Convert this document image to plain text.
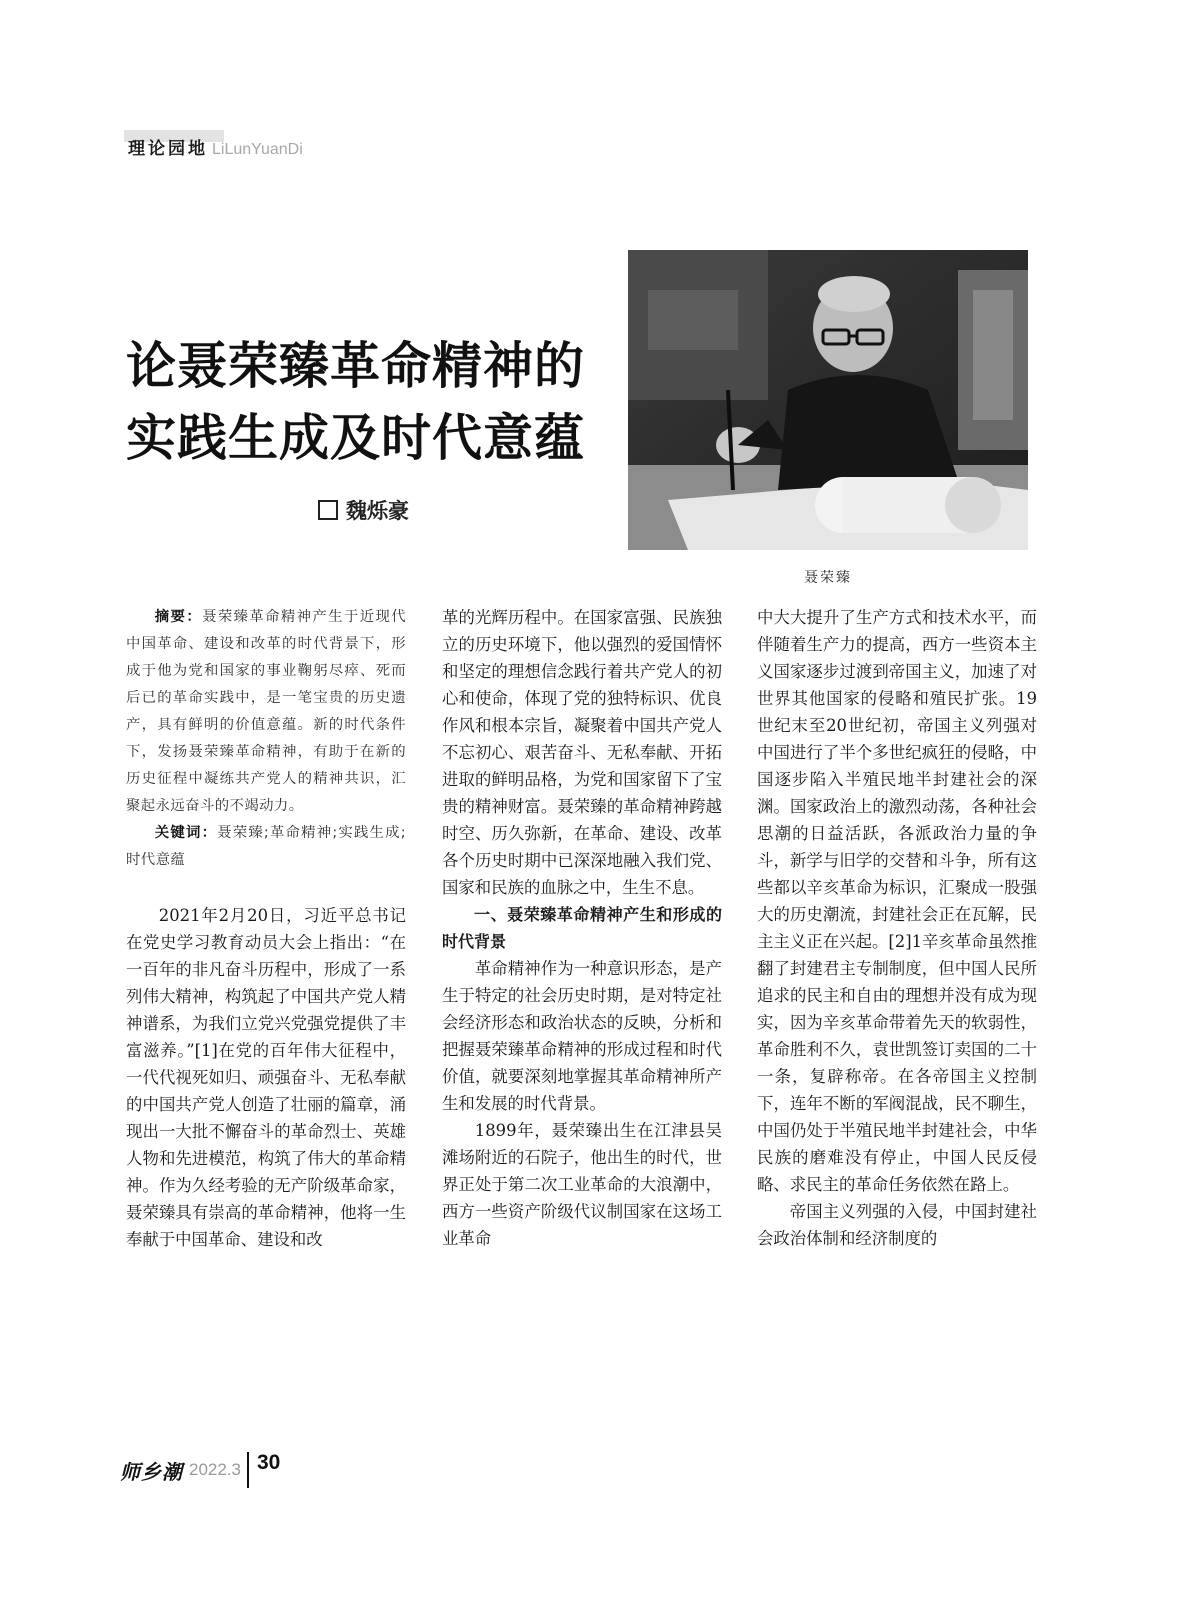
理论园地 LiLunYuanDi
论聂荣臻革命精神的
实践生成及时代意蕴
魏烁豪
聂荣臻

摘要：聂荣臻革命精神产生于近现代中国革命、建设和改革的时代背景下，形成于他为党和国家的事业鞠躬尽瘁、死而后已的革命实践中，是一笔宝贵的历史遗产，具有鲜明的价值意蕴。新的时代条件下，发扬聂荣臻革命精神，有助于在新的历史征程中凝练共产党人的精神共识，汇聚起永远奋斗的不竭动力。

关键词：聂荣臻;革命精神;实践生成;时代意蕴

2021年2月20日，习近平总书记在党史学习教育动员大会上指出：“在一百年的非凡奋斗历程中，形成了一系列伟大精神，构筑起了中国共产党人精神谱系，为我们立党兴党强党提供了丰富滋养。”[1]在党的百年伟大征程中，一代代视死如归、顽强奋斗、无私奉献的中国共产党人创造了壮丽的篇章，涌现出一大批不懈奋斗的革命烈士、英雄人物和先进模范，构筑了伟大的革命精神。作为久经考验的无产阶级革命家，聂荣臻具有崇高的革命精神，他将一生奉献于中国革命、建设和改

革的光辉历程中。在国家富强、民族独立的历史环境下，他以强烈的爱国情怀和坚定的理想信念践行着共产党人的初心和使命，体现了党的独特标识、优良作风和根本宗旨，凝聚着中国共产党人不忘初心、艰苦奋斗、无私奉献、开拓进取的鲜明品格，为党和国家留下了宝贵的精神财富。聂荣臻的革命精神跨越时空、历久弥新，在革命、建设、改革各个历史时期中已深深地融入我们党、国家和民族的血脉之中，生生不息。

一、聂荣臻革命精神产生和形成的时代背景

革命精神作为一种意识形态，是产生于特定的社会历史时期，是对特定社会经济形态和政治状态的反映，分析和把握聂荣臻革命精神的形成过程和时代价值，就要深刻地掌握其革命精神所产生和发展的时代背景。

1899年，聂荣臻出生在江津县吴滩场附近的石院子，他出生的时代，世界正处于第二次工业革命的大浪潮中，西方一些资产阶级代议制国家在这场工业革命

中大大提升了生产方式和技术水平，而伴随着生产力的提高，西方一些资本主义国家逐步过渡到帝国主义，加速了对世界其他国家的侵略和殖民扩张。19世纪末至20世纪初，帝国主义列强对中国进行了半个多世纪疯狂的侵略，中国逐步陷入半殖民地半封建社会的深渊。国家政治上的激烈动荡，各种社会思潮的日益活跃，各派政治力量的争斗，新学与旧学的交替和斗争，所有这些都以辛亥革命为标识，汇聚成一股强大的历史潮流，封建社会正在瓦解，民主主义正在兴起。[2]1辛亥革命虽然推翻了封建君主专制制度，但中国人民所追求的民主和自由的理想并没有成为现实，因为辛亥革命带着先天的软弱性，革命胜利不久，袁世凯签订卖国的二十一条，复辟称帝。在各帝国主义控制下，连年不断的军阀混战，民不聊生，中国仍处于半殖民地半封建社会，中华民族的磨难没有停止，中国人民反侵略、求民主的革命任务依然在路上。

帝国主义列强的入侵，中国封建社会政治体制和经济制度的

师乡潮 2022.3 30
